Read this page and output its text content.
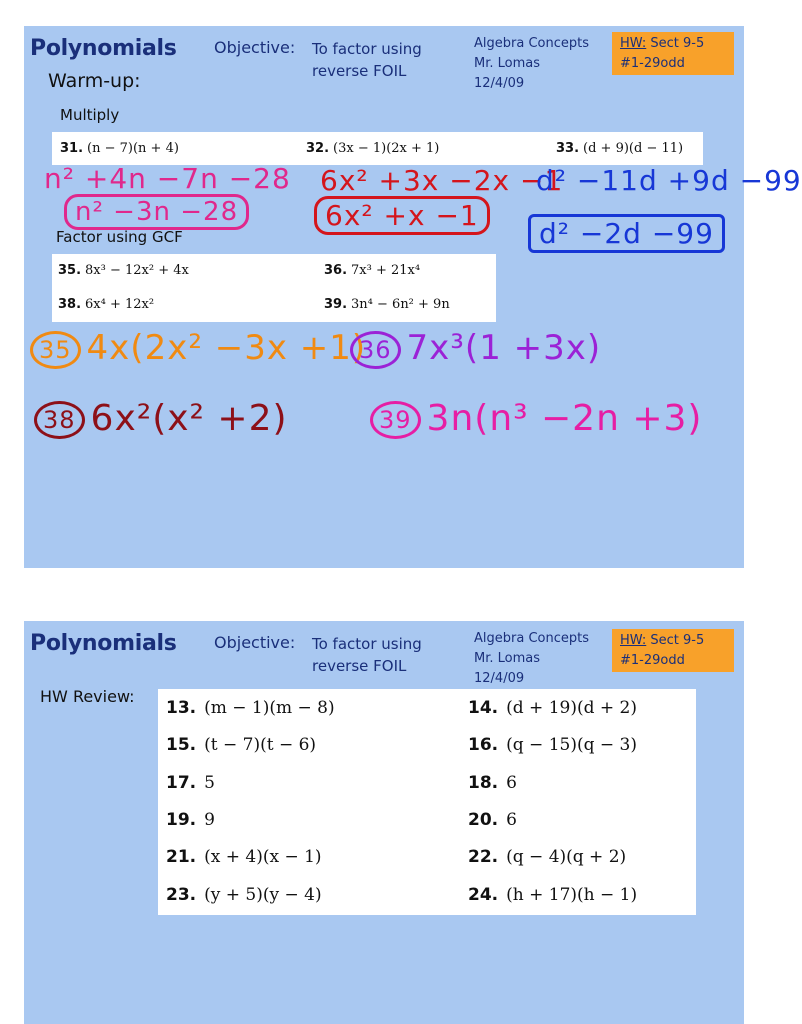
Polynomials Objective: To factor using
reverse FOIL
Algebra Concepts
Mr. Lomas
12/4/09
HW: Sect 9-5
#1-29odd
Warm-up:
Multiply
31. (n − 7)(n + 4)	32. (3x − 1)(2x + 1)	33. (d + 9)(d − 11)
n² +4n −7n −28
n² −3n −28
6x² +3x −2x −1
6x² +x −1
d² −11d +9d −99
d² −2d −99
Factor using GCF
35. 8x³ − 12x² + 4x	36. 7x³ + 21x⁴
38. 6x⁴ + 12x²	39. 3n⁴ − 6n² + 9n
35 4x(2x² −3x +1)
36 7x³(1 +3x)
38 6x²(x² +2)	39 3n(n³ −2n +3)
Polynomials Objective: To factor using
reverse FOIL
Algebra Concepts
Mr. Lomas
12/4/09
HW: Sect 9-5
#1-29odd
HW Review:
13. (m − 1)(m − 8)	14. (d + 19)(d + 2)
15. (t − 7)(t − 6)	16. (q − 15)(q − 3)
17. 5	18. 6
19. 9	20. 6
21. (x + 4)(x − 1)	22. (q − 4)(q + 2)
23. (y + 5)(y − 4)	24. (h + 17)(h − 1)
